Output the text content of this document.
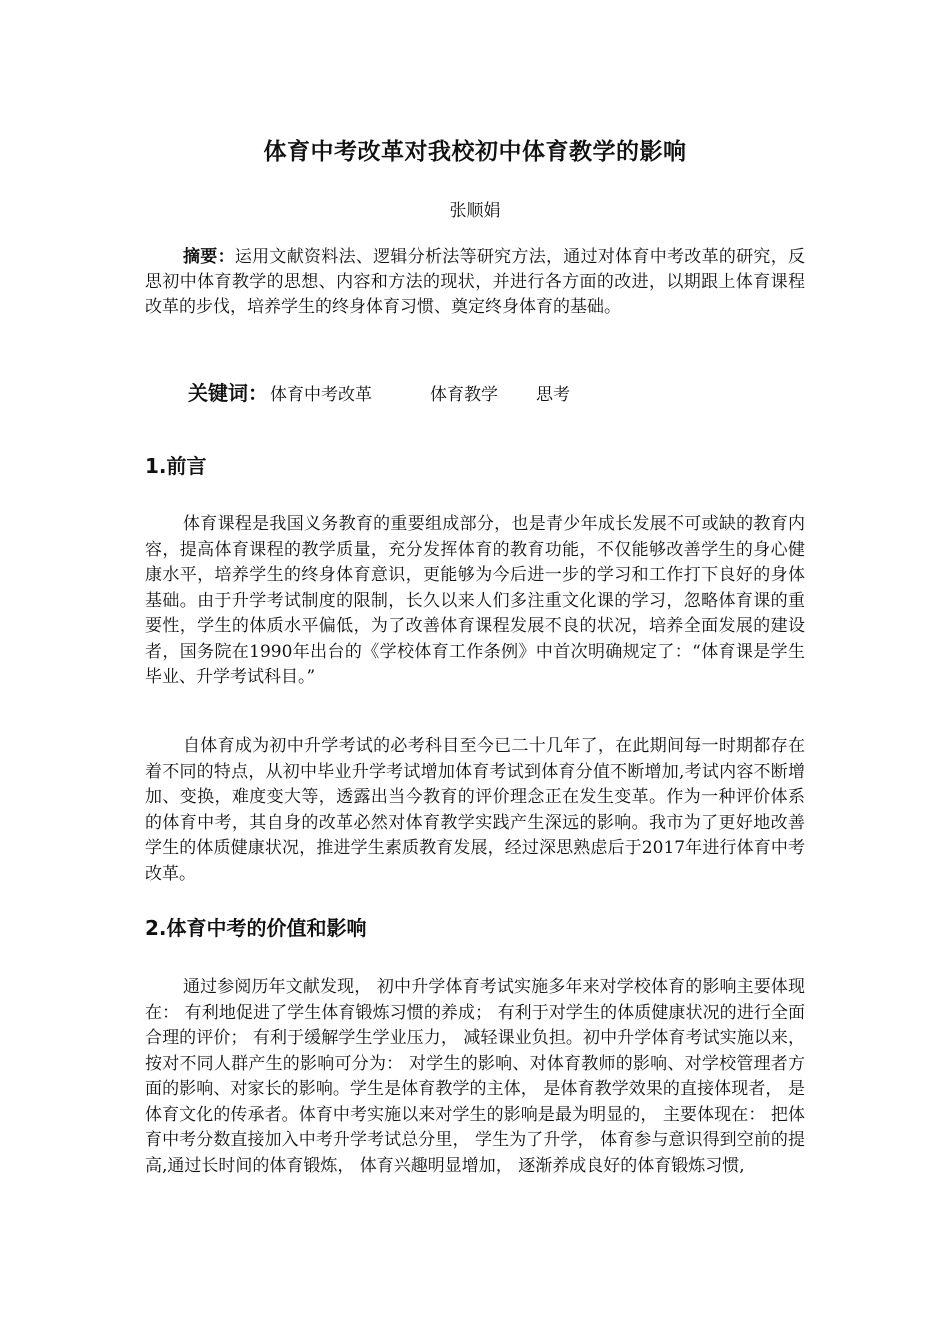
体育中考改革对我校初中体育教学的影响
张顺娟

摘要：运用文献资料法、逻辑分析法等研究方法，通过对体育中考改革的研究，反思初中体育教学的思想、内容和方法的现状，并进行各方面的改进，以期跟上体育课程改革的步伐，培养学生的终身体育习惯、奠定终身体育的基础。

关键词： 体育中考改革	体育教学 思考
1.前言

体育课程是我国义务教育的重要组成部分，也是青少年成长发展不可或缺的教育内容，提高体育课程的教学质量，充分发挥体育的教育功能，不仅能够改善学生的身心健康水平，培养学生的终身体育意识，更能够为今后进一步的学习和工作打下良好的身体基础。由于升学考试制度的限制，长久以来人们多注重文化课的学习，忽略体育课的重要性，学生的体质水平偏低，为了改善体育课程发展不良的状况，培养全面发展的建设者，国务院在1990年出台的《学校体育工作条例》中首次明确规定了：“体育课是学生毕业、升学考试科目。”

自体育成为初中升学考试的必考科目至今已二十几年了，在此期间每一时期都存在着不同的特点，从初中毕业升学考试增加体育考试到体育分值不断增加,考试内容不断增加、变换，难度变大等，透露出当今教育的评价理念正在发生变革。作为一种评价体系的体育中考，其自身的改革必然对体育教学实践产生深远的影响。我市为了更好地改善学生的体质健康状况，推进学生素质教育发展，经过深思熟虑后于2017年进行体育中考改革。

2.体育中考的价值和影响

通过参阅历年文献发现， 初中升学体育考试实施多年来对学校体育的影响主要体现在： 有利地促进了学生体育锻炼习惯的养成； 有利于对学生的体质健康状况的进行全面合理的评价； 有利于缓解学生学业压力， 减轻课业负担。初中升学体育考试实施以来， 按对不同人群产生的影响可分为： 对学生的影响、对体育教师的影响、对学校管理者方面的影响、对家长的影响。学生是体育教学的主体， 是体育教学效果的直接体现者， 是体育文化的传承者。体育中考实施以来对学生的影响是最为明显的， 主要体现在： 把体育中考分数直接加入中考升学考试总分里， 学生为了升学， 体育参与意识得到空前的提高,通过长时间的体育锻炼， 体育兴趣明显增加， 逐渐养成良好的体育锻炼习惯,
